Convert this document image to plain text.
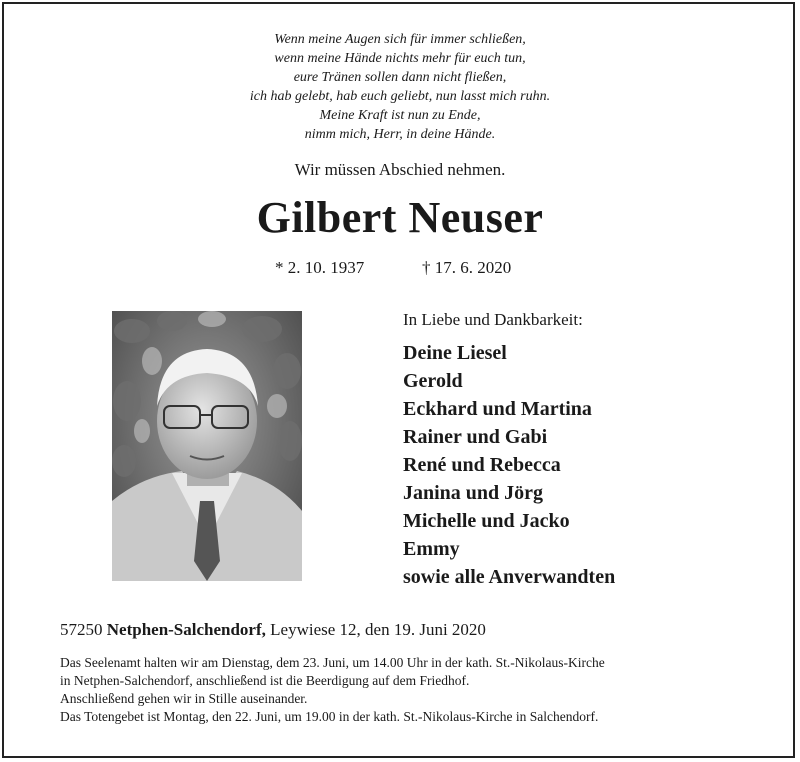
Wenn meine Augen sich für immer schließen,
wenn meine Hände nichts mehr für euch tun,
eure Tränen sollen dann nicht fließen,
ich hab gelebt, hab euch geliebt, nun lasst mich ruhn.
Meine Kraft ist nun zu Ende,
nimm mich, Herr, in deine Hände.
Wir müssen Abschied nehmen.
Gilbert Neuser
* 2. 10. 1937	† 17. 6. 2020
In Liebe und Dankbarkeit:
Deine Liesel
Gerold
Eckhard und Martina
Rainer und Gabi
René und Rebecca
Janina und Jörg
Michelle und Jacko
Emmy
sowie alle Anverwandten
57250 Netphen-Salchendorf, Leywiese 12, den 19. Juni 2020
Das Seelenamt halten wir am Dienstag, dem 23. Juni, um 14.00 Uhr in der kath. St.-Nikolaus-Kirche
in Netphen-Salchendorf, anschließend ist die Beerdigung auf dem Friedhof.
Anschließend gehen wir in Stille auseinander.
Das Totengebet ist Montag, den 22. Juni, um 19.00 in der kath. St.-Nikolaus-Kirche in Salchendorf.
